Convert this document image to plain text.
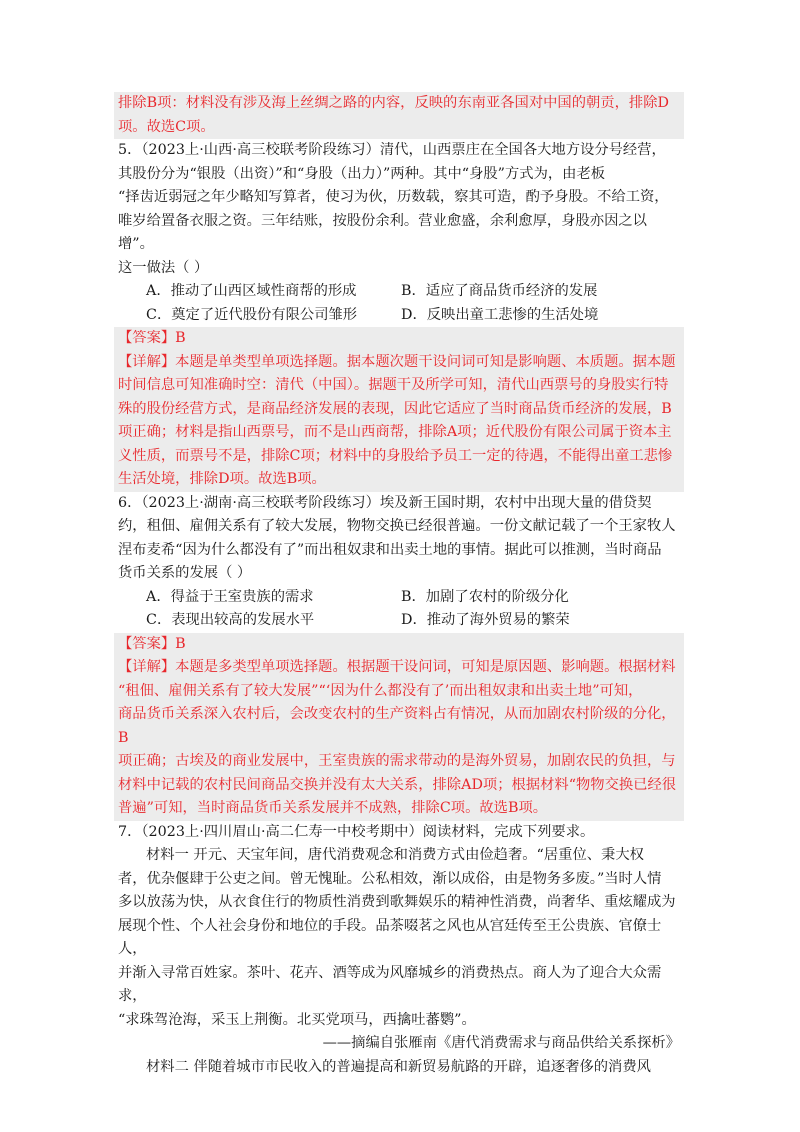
排除B项：材料没有涉及海上丝绸之路的内容，反映的东南亚各国对中国的朝贡，排除D

项。故选C项。

5．（2023上·山西·高三校联考阶段练习）清代，山西票庄在全国各大地方设分号经营，

其股份分为“银股（出资）”和“身股（出力）”两种。其中“身股”方式为，由老板

“择齿近弱冠之年少略知写算者，使习为伙，历数载，察其可造，酌予身股。不给工资，

唯岁给置备衣服之资。三年结账，按股份余利。营业愈盛，余利愈厚，身股亦因之以增”。

这一做法（ ）

A．推动了山西区域性商帮的形成	B．适应了商品货币经济的发展
C．奠定了近代股份有限公司雏形	D．反映出童工悲惨的生活处境

【答案】B

【详解】本题是单类型单项选择题。据本题次题干设问词可知是影响题、本质题。据本题

时间信息可知准确时空：清代（中国）。据题干及所学可知，清代山西票号的身股实行特

殊的股份经营方式，是商品经济发展的表现，因此它适应了当时商品货币经济的发展，B

项正确；材料是指山西票号，而不是山西商帮，排除A项；近代股份有限公司属于资本主

义性质，而票号不是，排除C项；材料中的身股给予员工一定的待遇，不能得出童工悲惨

生活处境，排除D项。故选B项。

6．（2023上·湖南·高三校联考阶段练习）埃及新王国时期，农村中出现大量的借贷契

约，租佃、雇佣关系有了较大发展，物物交换已经很普遍。一份文献记载了一个王家牧人

涅布麦希“因为什么都没有了”而出租奴隶和出卖土地的事情。据此可以推测，当时商品

货币关系的发展（ ）

A．得益于王室贵族的需求	B．加剧了农村的阶级分化
C．表现出较高的发展水平	D．推动了海外贸易的繁荣

【答案】B

【详解】本题是多类型单项选择题。根据题干设问词，可知是原因题、影响题。根据材料

“租佃、雇佣关系有了较大发展”“‘因为什么都没有了’而出租奴隶和出卖土地”可知，

商品货币关系深入农村后，会改变农村的生产资料占有情况，从而加剧农村阶级的分化，B

项正确；古埃及的商业发展中，王室贵族的需求带动的是海外贸易，加剧农民的负担，与

材料中记载的农村民间商品交换并没有太大关系，排除AD项；根据材料“物物交换已经很

普遍”可知，当时商品货币关系发展并不成熟，排除C项。故选B项。

7．（2023上·四川眉山·高二仁寿一中校考期中）阅读材料，完成下列要求。

材料一 开元、天宝年间，唐代消费观念和消费方式由俭趋奢。“居重位、秉大权

者，优杂偃肆于公吏之间。曾无愧耻。公私相效，渐以成俗，由是物务多废。”当时人情

多以放荡为快，从衣食住行的物质性消费到歌舞娱乐的精神性消费，尚奢华、重炫耀成为

展现个性、个人社会身份和地位的手段。品茶啜茗之风也从宫廷传至王公贵族、官僚士人，

并渐入寻常百姓家。茶叶、花卉、酒等成为风靡城乡的消费热点。商人为了迎合大众需求，

“求珠驾沧海，采玉上荆衡。北买党项马，西擒吐蕃鹦”。

——摘编自张雁南《唐代消费需求与商品供给关系探析》

材料二 伴随着城市市民收入的普遍提高和新贸易航路的开辟，追逐奢侈的消费风
